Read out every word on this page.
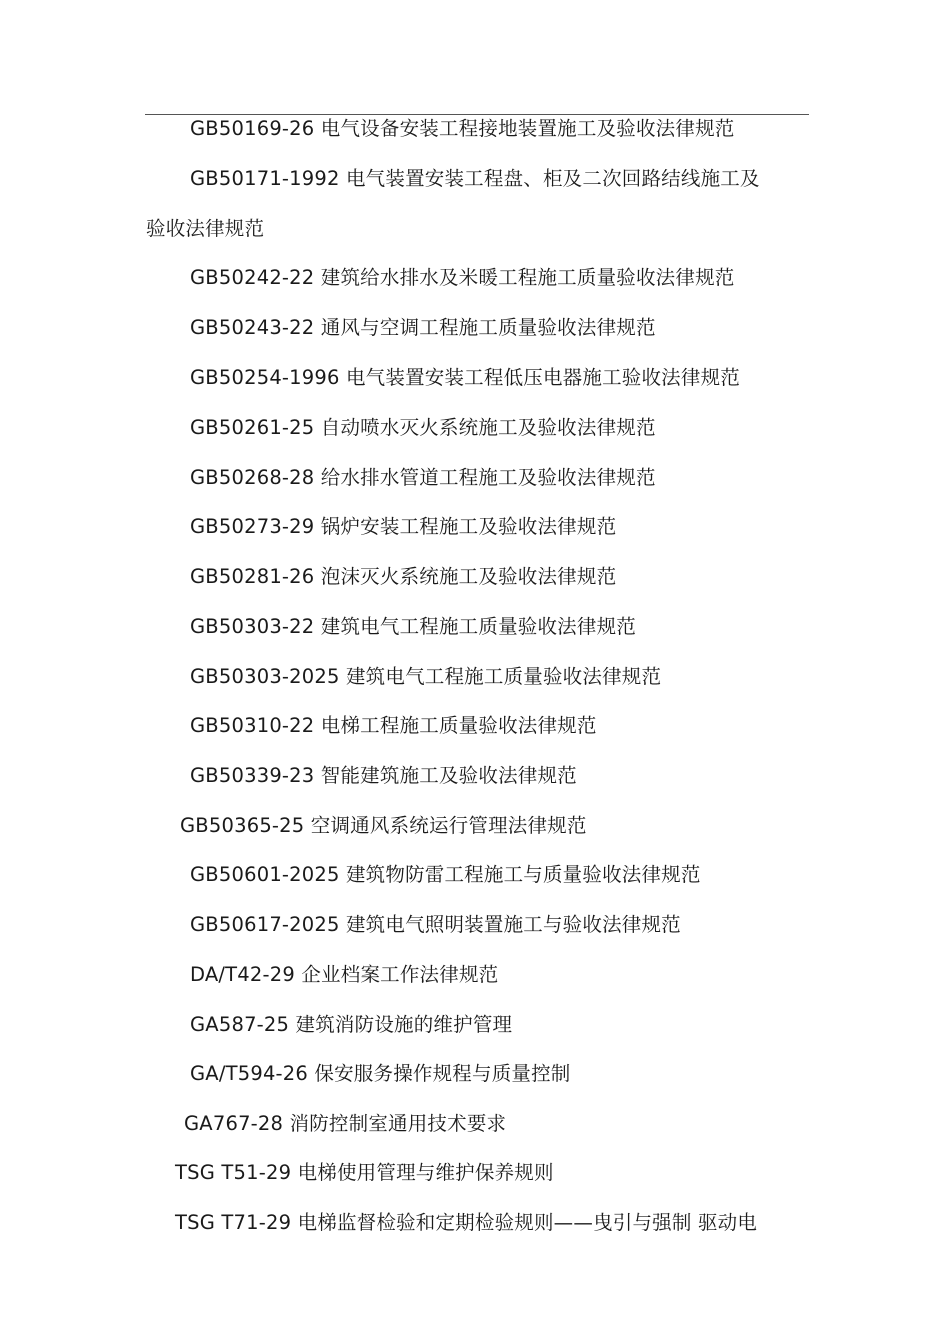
GB50169-26 电气设备安装工程接地装置施工及验收法律规范
GB50171-1992 电气装置安装工程盘、柜及二次回路结线施工及
验收法律规范
GB50242-22 建筑给水排水及米暖工程施工质量验收法律规范
GB50243-22 通风与空调工程施工质量验收法律规范
GB50254-1996 电气装置安装工程低压电器施工验收法律规范
GB50261-25 自动喷水灭火系统施工及验收法律规范
GB50268-28 给水排水管道工程施工及验收法律规范
GB50273-29 锅炉安装工程施工及验收法律规范
GB50281-26 泡沫灭火系统施工及验收法律规范
GB50303-22 建筑电气工程施工质量验收法律规范
GB50303-2025 建筑电气工程施工质量验收法律规范
GB50310-22 电梯工程施工质量验收法律规范
GB50339-23 智能建筑施工及验收法律规范
GB50365-25 空调通风系统运行管理法律规范
GB50601-2025 建筑物防雷工程施工与质量验收法律规范
GB50617-2025 建筑电气照明装置施工与验收法律规范
DA/T42-29 企业档案工作法律规范
GA587-25 建筑消防设施的维护管理
GA/T594-26 保安服务操作规程与质量控制
GA767-28 消防控制室通用技术要求
TSG T51-29 电梯使用管理与维护保养规则
TSG T71-29 电梯监督检验和定期检验规则——曳引与强制 驱动电
